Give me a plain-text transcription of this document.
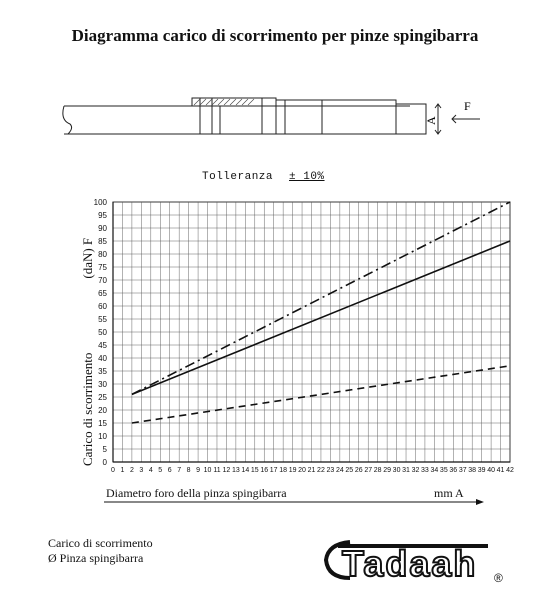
Diagramma carico di scorrimento per pinze spingibarra
A
F
Tolleranza ± 10%
0
5
10
15
20
25
30
35
40
45
50
55
60
65
70
75
80
85
90
95
100
0 1 2 3 4 5 6 7 8 9 10 11 12 13 14 15 16 17 18 19 20 21 22 23 24 25 26 27 28 29 30 31 32 33 34 35 36 37 38 39 40 41 42
Carico di scorrimento(daN) F
Diametro foro della pinza spingibarra	mm A
Carico di scorrimento
Ø Pinza spingibarra	Tadaah ®
